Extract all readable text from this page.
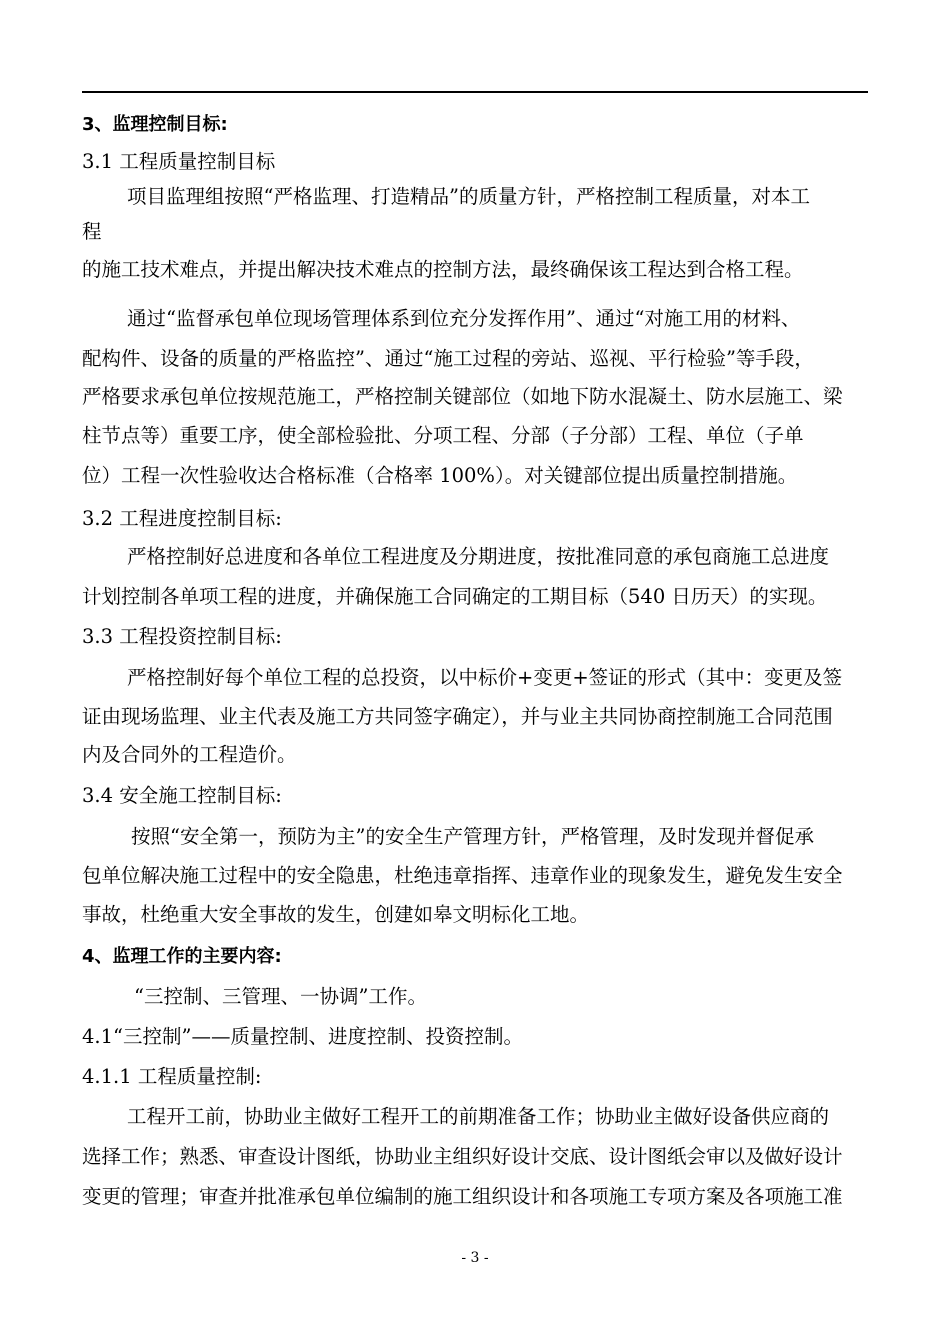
3、监理控制目标:
3.1 工程质量控制目标
项目监理组按照“严格监理、打造精品”的质量方针，严格控制工程质量，对本工
程
的施工技术难点，并提出解决技术难点的控制方法，最终确保该工程达到合格工程。
通过“监督承包单位现场管理体系到位充分发挥作用”、通过“对施工用的材料、
配构件、设备的质量的严格监控”、通过“施工过程的旁站、巡视、平行检验”等手段，
严格要求承包单位按规范施工，严格控制关键部位（如地下防水混凝土、防水层施工、梁
柱节点等）重要工序，使全部检验批、分项工程、分部（子分部）工程、单位（子单
位）工程一次性验收达合格标准（合格率 100%）。对关键部位提出质量控制措施。
3.2 工程进度控制目标:
严格控制好总进度和各单位工程进度及分期进度，按批准同意的承包商施工总进度
计划控制各单项工程的进度，并确保施工合同确定的工期目标（540 日历天）的实现。
3.3 工程投资控制目标:
严格控制好每个单位工程的总投资，以中标价+变更+签证的形式（其中：变更及签
证由现场监理、业主代表及施工方共同签字确定），并与业主共同协商控制施工合同范围
内及合同外的工程造价。
3.4 安全施工控制目标:
按照“安全第一，预防为主”的安全生产管理方针，严格管理，及时发现并督促承
包单位解决施工过程中的安全隐患，杜绝违章指挥、违章作业的现象发生，避免发生安全
事故，杜绝重大安全事故的发生，创建如皋文明标化工地。
4、监理工作的主要内容:
“三控制、三管理、一协调”工作。
4.1“三控制”——质量控制、进度控制、投资控制。
4.1.1 工程质量控制:
工程开工前，协助业主做好工程开工的前期准备工作；协助业主做好设备供应商的
选择工作；熟悉、审查设计图纸，协助业主组织好设计交底、设计图纸会审以及做好设计
变更的管理；审查并批准承包单位编制的施工组织设计和各项施工专项方案及各项施工准
- 3 -
